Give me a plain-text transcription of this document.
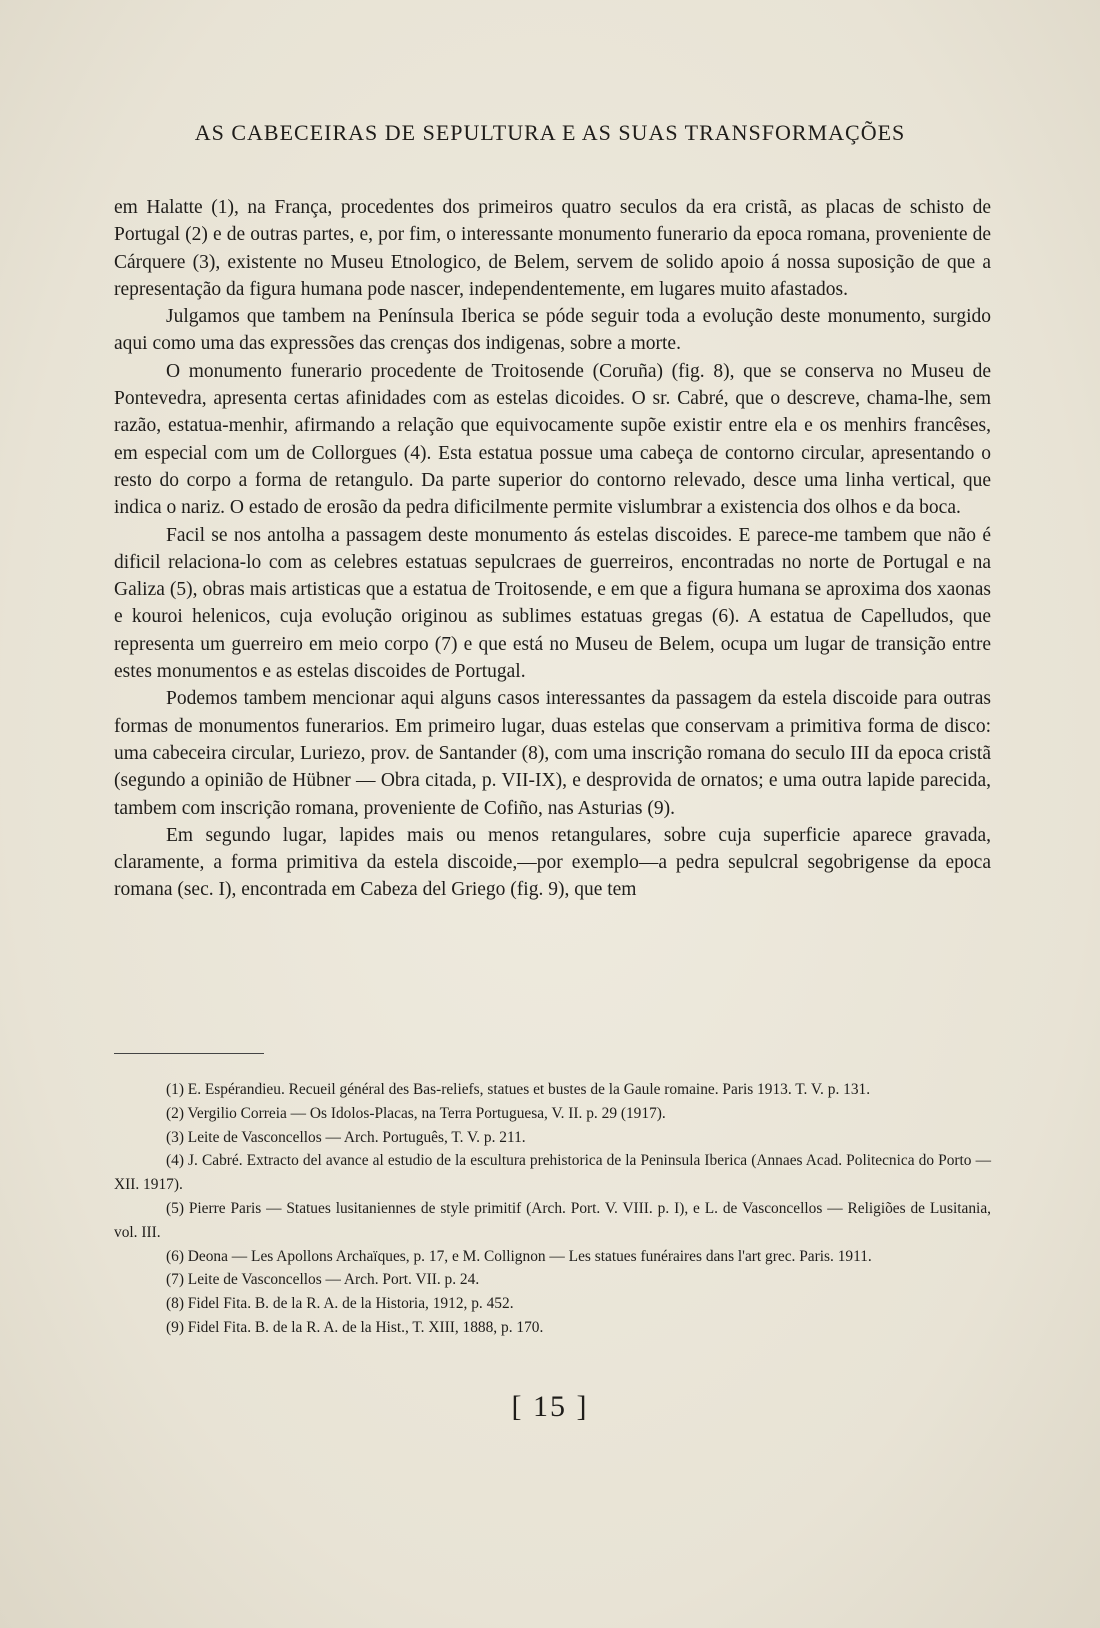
AS CABECEIRAS DE SEPULTURA E AS SUAS TRANSFORMAÇÕES

em Halatte (1), na França, procedentes dos primeiros quatro seculos da era cristã, as placas de schisto de Portugal (2) e de outras partes, e, por fim, o interessante monumento funerario da epoca romana, proveniente de Cárquere (3), existente no Museu Etnologico, de Belem, servem de solido apoio á nossa suposição de que a representação da figura humana pode nascer, independentemente, em lugares muito afastados.

Julgamos que tambem na Península Iberica se póde seguir toda a evolução deste monumento, surgido aqui como uma das expressões das crenças dos indigenas, sobre a morte.

O monumento funerario procedente de Troitosende (Coruña) (fig. 8), que se conserva no Museu de Pontevedra, apresenta certas afinidades com as estelas dicoides. O sr. Cabré, que o descreve, chama-lhe, sem razão, estatua-menhir, afirmando a relação que equivocamente supõe existir entre ela e os menhirs francêses, em especial com um de Collorgues (4). Esta estatua possue uma cabeça de contorno circular, apresentando o resto do corpo a forma de retangulo. Da parte superior do contorno relevado, desce uma linha vertical, que indica o nariz. O estado de erosão da pedra dificilmente permite vislumbrar a existencia dos olhos e da boca.

Facil se nos antolha a passagem deste monumento ás estelas discoides. E parece-me tambem que não é dificil relaciona-lo com as celebres estatuas sepulcraes de guerreiros, encontradas no norte de Portugal e na Galiza (5), obras mais artisticas que a estatua de Troitosende, e em que a figura humana se aproxima dos xaonas e kouroi helenicos, cuja evolução originou as sublimes estatuas gregas (6). A estatua de Capelludos, que representa um guerreiro em meio corpo (7) e que está no Museu de Belem, ocupa um lugar de transição entre estes monumentos e as estelas discoides de Portugal.

Podemos tambem mencionar aqui alguns casos interessantes da passagem da estela discoide para outras formas de monumentos funerarios. Em primeiro lugar, duas estelas que conservam a primitiva forma de disco: uma cabeceira circular, Luriezo, prov. de Santander (8), com uma inscrição romana do seculo III da epoca cristã (segundo a opinião de Hübner — Obra citada, p. VII-IX), e desprovida de ornatos; e uma outra lapide parecida, tambem com inscrição romana, proveniente de Cofiño, nas Asturias (9).

Em segundo lugar, lapides mais ou menos retangulares, sobre cuja superficie aparece gravada, claramente, a forma primitiva da estela discoide,—por exemplo—a pedra sepulcral segobrigense da epoca romana (sec. I), encontrada em Cabeza del Griego (fig. 9), que tem

(1) E. Espérandieu. Recueil général des Bas-reliefs, statues et bustes de la Gaule romaine. Paris 1913. T. V. p. 131.

(2) Vergilio Correia — Os Idolos-Placas, na Terra Portuguesa, V. II. p. 29 (1917).

(3) Leite de Vasconcellos — Arch. Português, T. V. p. 211.

(4) J. Cabré. Extracto del avance al estudio de la escultura prehistorica de la Peninsula Iberica (Annaes Acad. Politecnica do Porto — XII. 1917).

(5) Pierre Paris — Statues lusitaniennes de style primitif (Arch. Port. V. VIII. p. I), e L. de Vasconcellos — Religiões de Lusitania, vol. III.

(6) Deona — Les Apollons Archaïques, p. 17, e M. Collignon — Les statues funéraires dans l'art grec. Paris. 1911.

(7) Leite de Vasconcellos — Arch. Port. VII. p. 24.

(8) Fidel Fita. B. de la R. A. de la Historia, 1912, p. 452.

(9) Fidel Fita. B. de la R. A. de la Hist., T. XIII, 1888, p. 170.

[ 15 ]
